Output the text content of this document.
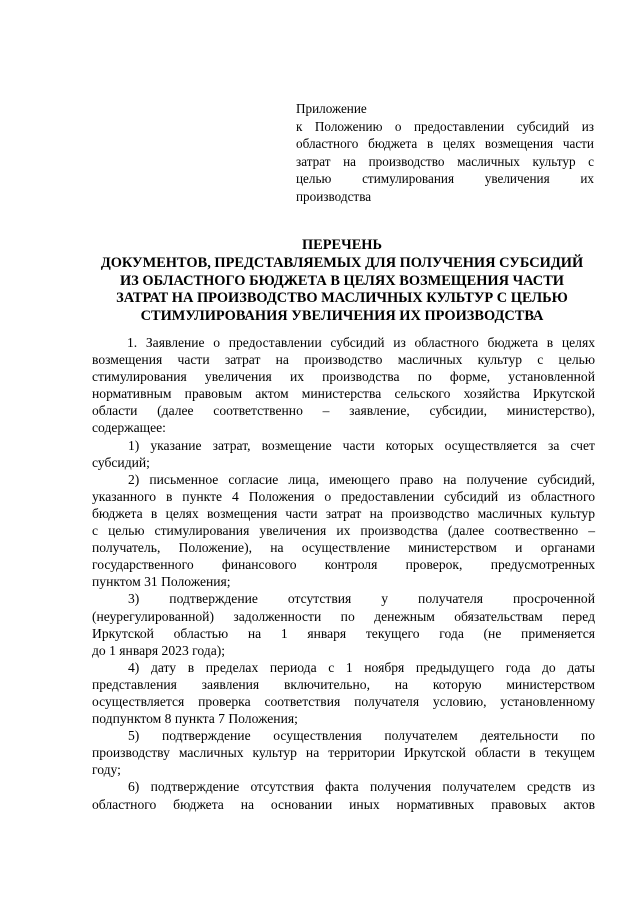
Приложение
к Положению о предоставлении субсидий из
областного бюджета в целях возмещения части
затрат на производство масличных культур с
целью стимулирования увеличения их
производства
ПЕРЕЧЕНЬ
ДОКУМЕНТОВ, ПРЕДСТАВЛЯЕМЫХ ДЛЯ ПОЛУЧЕНИЯ СУБСИДИЙ
ИЗ ОБЛАСТНОГО БЮДЖЕТА В ЦЕЛЯХ ВОЗМЕЩЕНИЯ ЧАСТИ
ЗАТРАТ НА ПРОИЗВОДСТВО МАСЛИЧНЫХ КУЛЬТУР С ЦЕЛЬЮ
СТИМУЛИРОВАНИЯ УВЕЛИЧЕНИЯ ИХ ПРОИЗВОДСТВА
1. Заявление о предоставлении субсидий из областного бюджета в целях
возмещения части затрат на производство масличных культур с целью
стимулирования увеличения их производства по форме, установленной
нормативным правовым актом министерства сельского хозяйства Иркутской
области (далее соответственно – заявление, субсидии, министерство),
содержащее:
1) указание затрат, возмещение части которых осуществляется за счет
субсидий;
2) письменное согласие лица, имеющего право на получение субсидий,
указанного в пункте 4 Положения о предоставлении субсидий из областного
бюджета в целях возмещения части затрат на производство масличных культур
с целью стимулирования увеличения их производства (далее соотвественно –
получатель, Положение), на осуществление министерством и органами
государственного финансового контроля проверок, предусмотренных
пунктом 31 Положения;
3) подтверждение отсутствия у получателя просроченной
(неурегулированной) задолженности по денежным обязательствам перед
Иркутской областью на 1 января текущего года (не применяется
до 1 января 2023 года);
4) дату в пределах периода с 1 ноября предыдущего года до даты
представления заявления включительно, на которую министерством
осуществляется проверка соответствия получателя условию, установленному
подпунктом 8 пункта 7 Положения;
5) подтверждение осуществления получателем деятельности по
производству масличных культур на территории Иркутской области в текущем
году;
6) подтверждение отсутствия факта получения получателем средств из
областного бюджета на основании иных нормативных правовых актов
